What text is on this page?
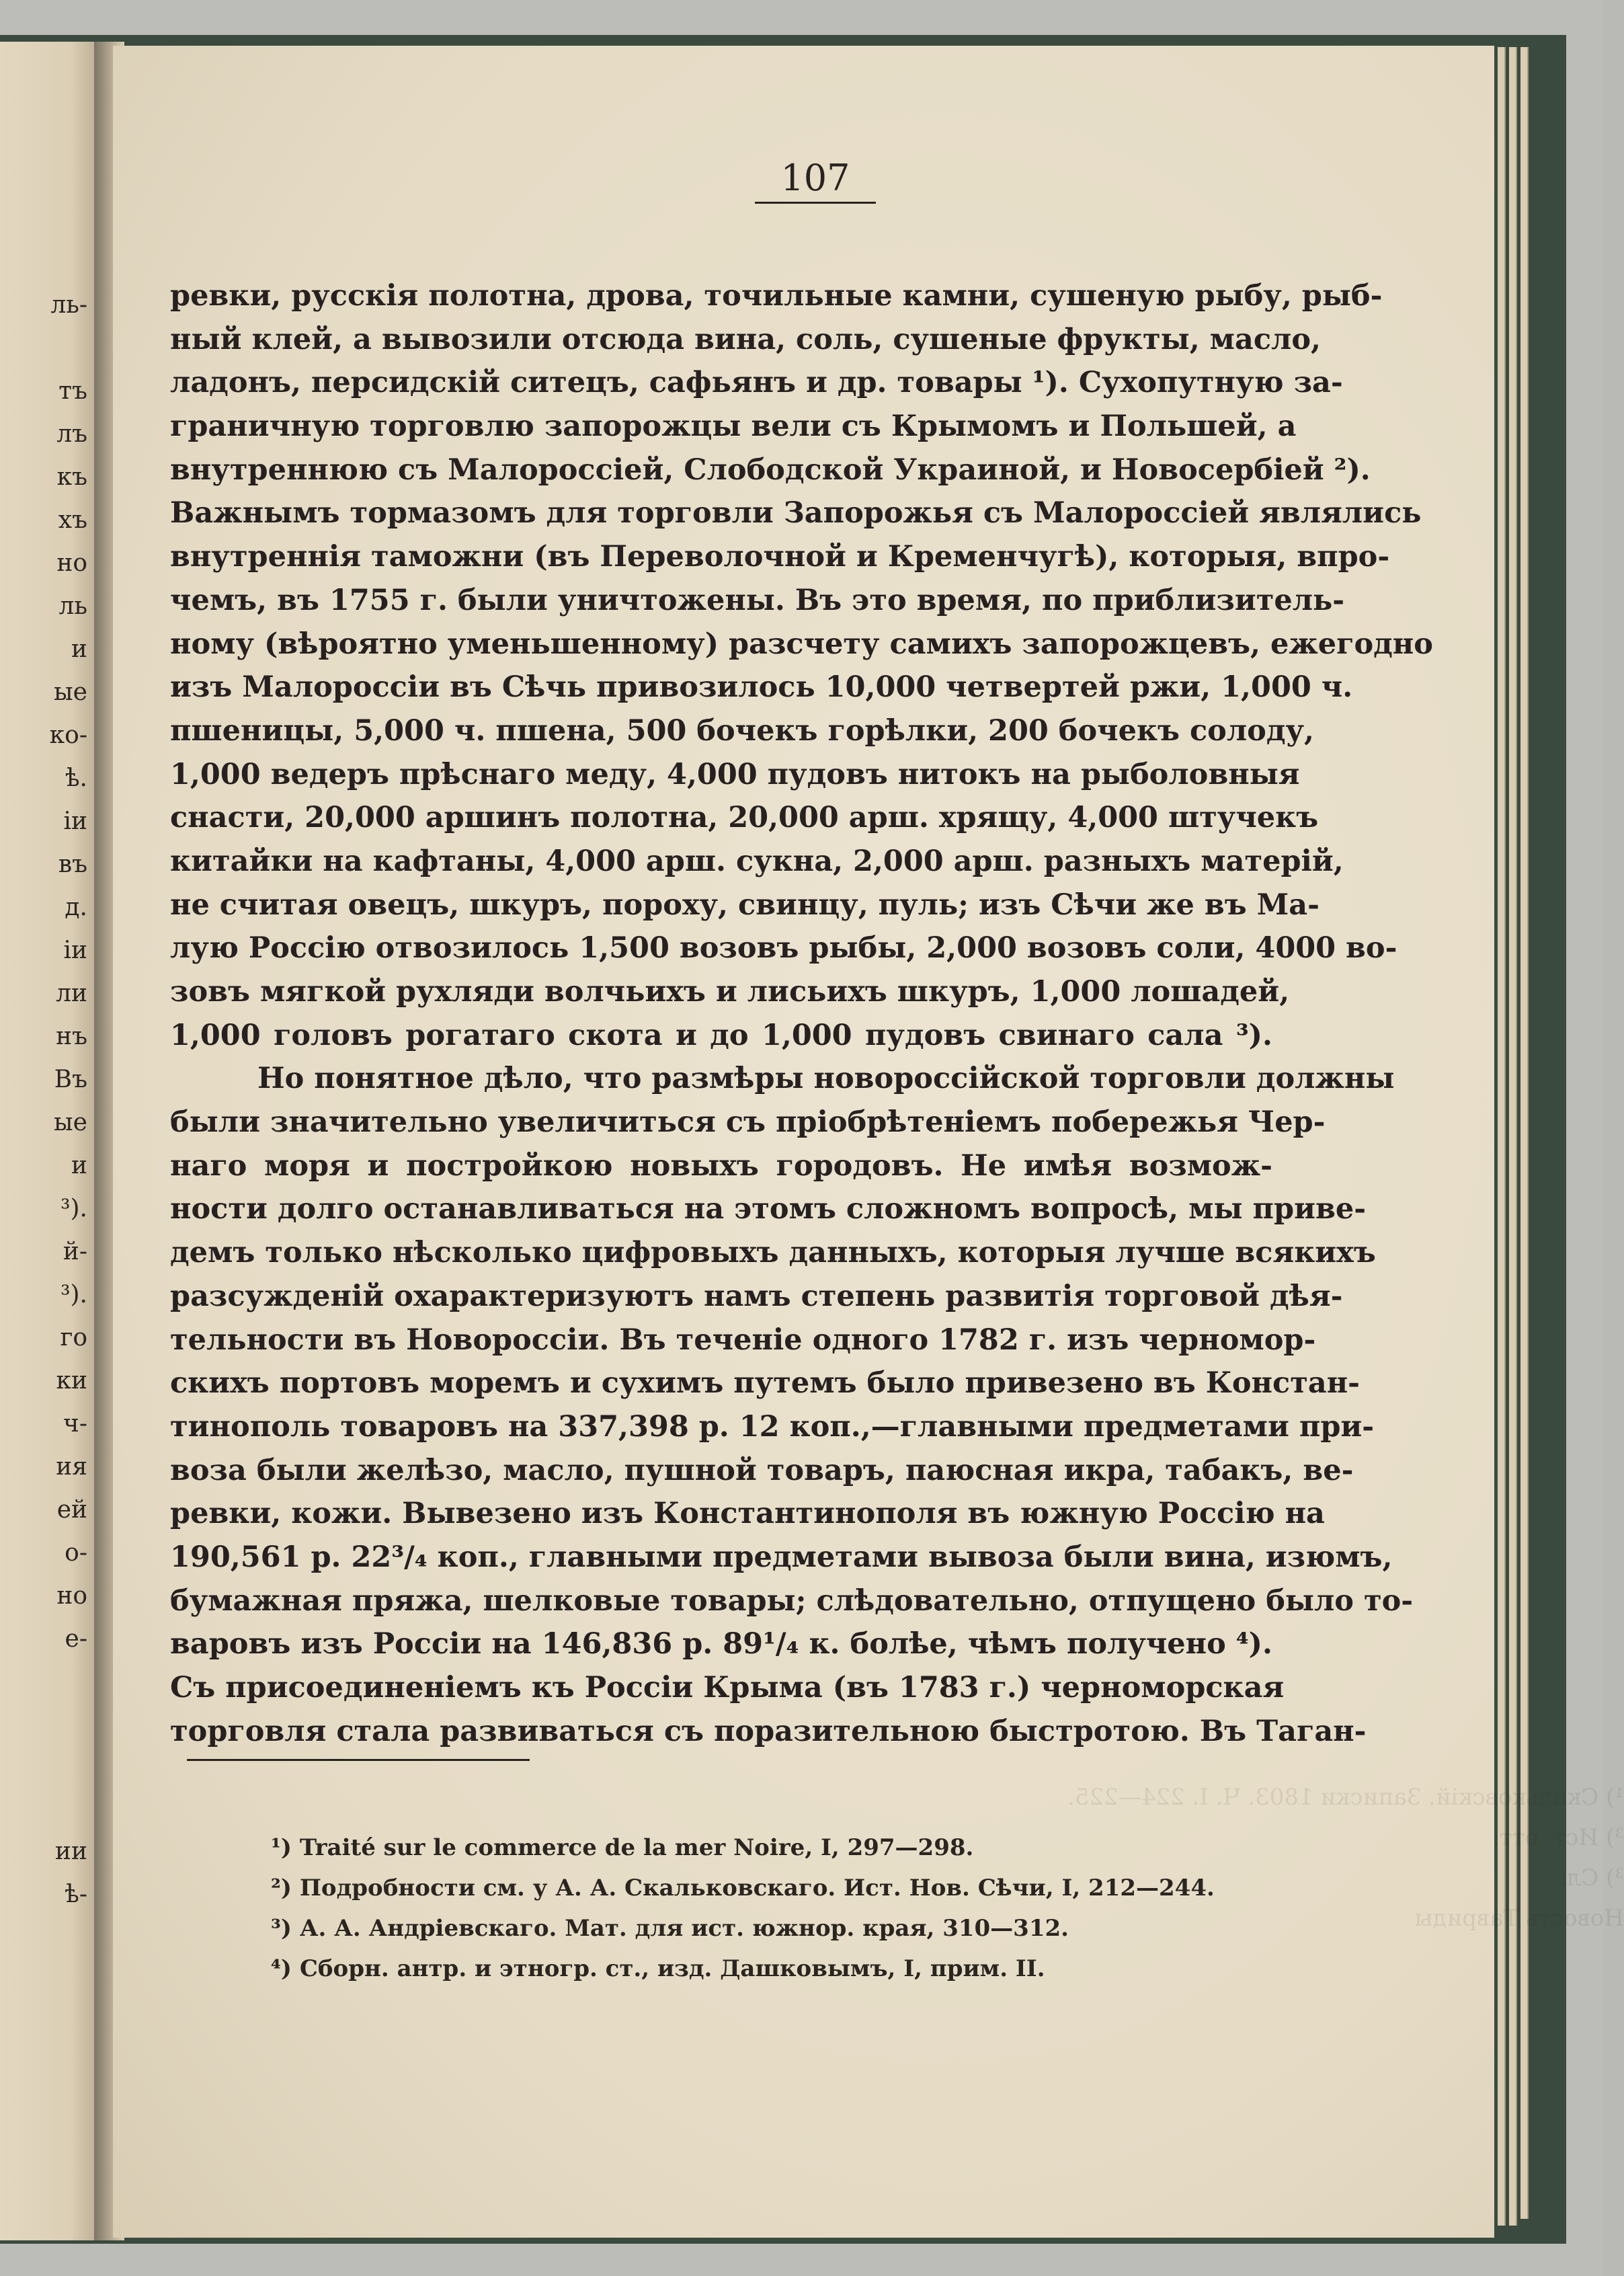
ль-
тъ
лъ
къ
хъ
но
ль
и
ые
ко-
ѣ.
іи
въ
д.
іи
ли
нъ
Въ
ые
и
³).
й-
³).
го
ки
ч-
ия
ей
о-
но
е-
ии
ѣ-
107
ревки, русскія полотна, дрова, точильные камни, сушеную рыбу, рыб-
ный клей, а вывозили отсюда вина, соль, сушеные фрукты, масло,
ладонъ, персидскій ситецъ, сафьянъ и др. товары ¹). Сухопутную за-
граничную торговлю запорожцы вели съ Крымомъ и Польшей, а
внутреннюю съ Малороссіей, Слободской Украиной, и Новосербіей ²).
Важнымъ тормазомъ для торговли Запорожья съ Малороссіей являлись
внутреннія таможни (въ Переволочной и Кременчугѣ), которыя, впро-
чемъ, въ 1755 г. были уничтожены. Въ это время, по приблизитель-
ному (вѣроятно уменьшенному) разсчету самихъ запорожцевъ, ежегодно
изъ Малороссіи въ Сѣчь привозилось 10,000 четвертей ржи, 1,000 ч.
пшеницы, 5,000 ч. пшена, 500 бочекъ горѣлки, 200 бочекъ солоду,
1,000 ведеръ прѣснаго меду, 4,000 пудовъ нитокъ на рыболовныя
снасти, 20,000 аршинъ полотна, 20,000 арш. хрящу, 4,000 штучекъ
китайки на кафтаны, 4,000 арш. сукна, 2,000 арш. разныхъ матерій,
не считая овецъ, шкуръ, пороху, свинцу, пуль; изъ Сѣчи же въ Ма-
лую Россію отвозилось 1,500 возовъ рыбы, 2,000 возовъ соли, 4000 во-
зовъ мягкой рухляди волчьихъ и лисьихъ шкуръ, 1,000 лошадей,
1,000 головъ рогатаго скота и до 1,000 пудовъ свинаго сала ³).
Но понятное дѣло, что размѣры новороссійской торговли должны
были значительно увеличиться съ пріобрѣтеніемъ побережья Чер-
наго моря и постройкою новыхъ городовъ. Не имѣя возмож-
ности долго останавливаться на этомъ сложномъ вопросѣ, мы приве-
демъ только нѣсколько цифровыхъ данныхъ, которыя лучше всякихъ
разсужденій охарактеризуютъ намъ степень развитія торговой дѣя-
тельности въ Новороссіи. Въ теченіе одного 1782 г. изъ черномор-
скихъ портовъ моремъ и сухимъ путемъ было привезено въ Констан-
тинополь товаровъ на 337,398 р. 12 коп.,—главными предметами при-
воза были желѣзо, масло, пушной товаръ, паюсная икра, табакъ, ве-
ревки, кожи. Вывезено изъ Константинополя въ южную Россію на
190,561 р. 22³/₄ коп., главными предметами вывоза были вина, изюмъ,
бумажная пряжа, шелковые товары; слѣдовательно, отпущено было то-
варовъ изъ Россіи на 146,836 р. 89¹/₄ к. болѣе, чѣмъ получено ⁴).
Съ присоединеніемъ къ Россіи Крыма (въ 1783 г.) черноморская
торговля стала развиваться съ поразительною быстротою. Въ Таган-
¹) Скальковскій. Записки 1803. Ч. I. 224—225.
³) Ист. отт.
³) Сл.
Новость Тавриды
¹) Traité sur le commerce de la mer Noire, I, 297—298.
²) Подробности см. у А. А. Скальковскаго. Ист. Нов. Сѣчи, I, 212—244.
³) А. А. Андріевскаго. Мат. для ист. южнор. края, 310—312.
⁴) Сборн. антр. и этногр. ст., изд. Дашковымъ, I, прим. II.
